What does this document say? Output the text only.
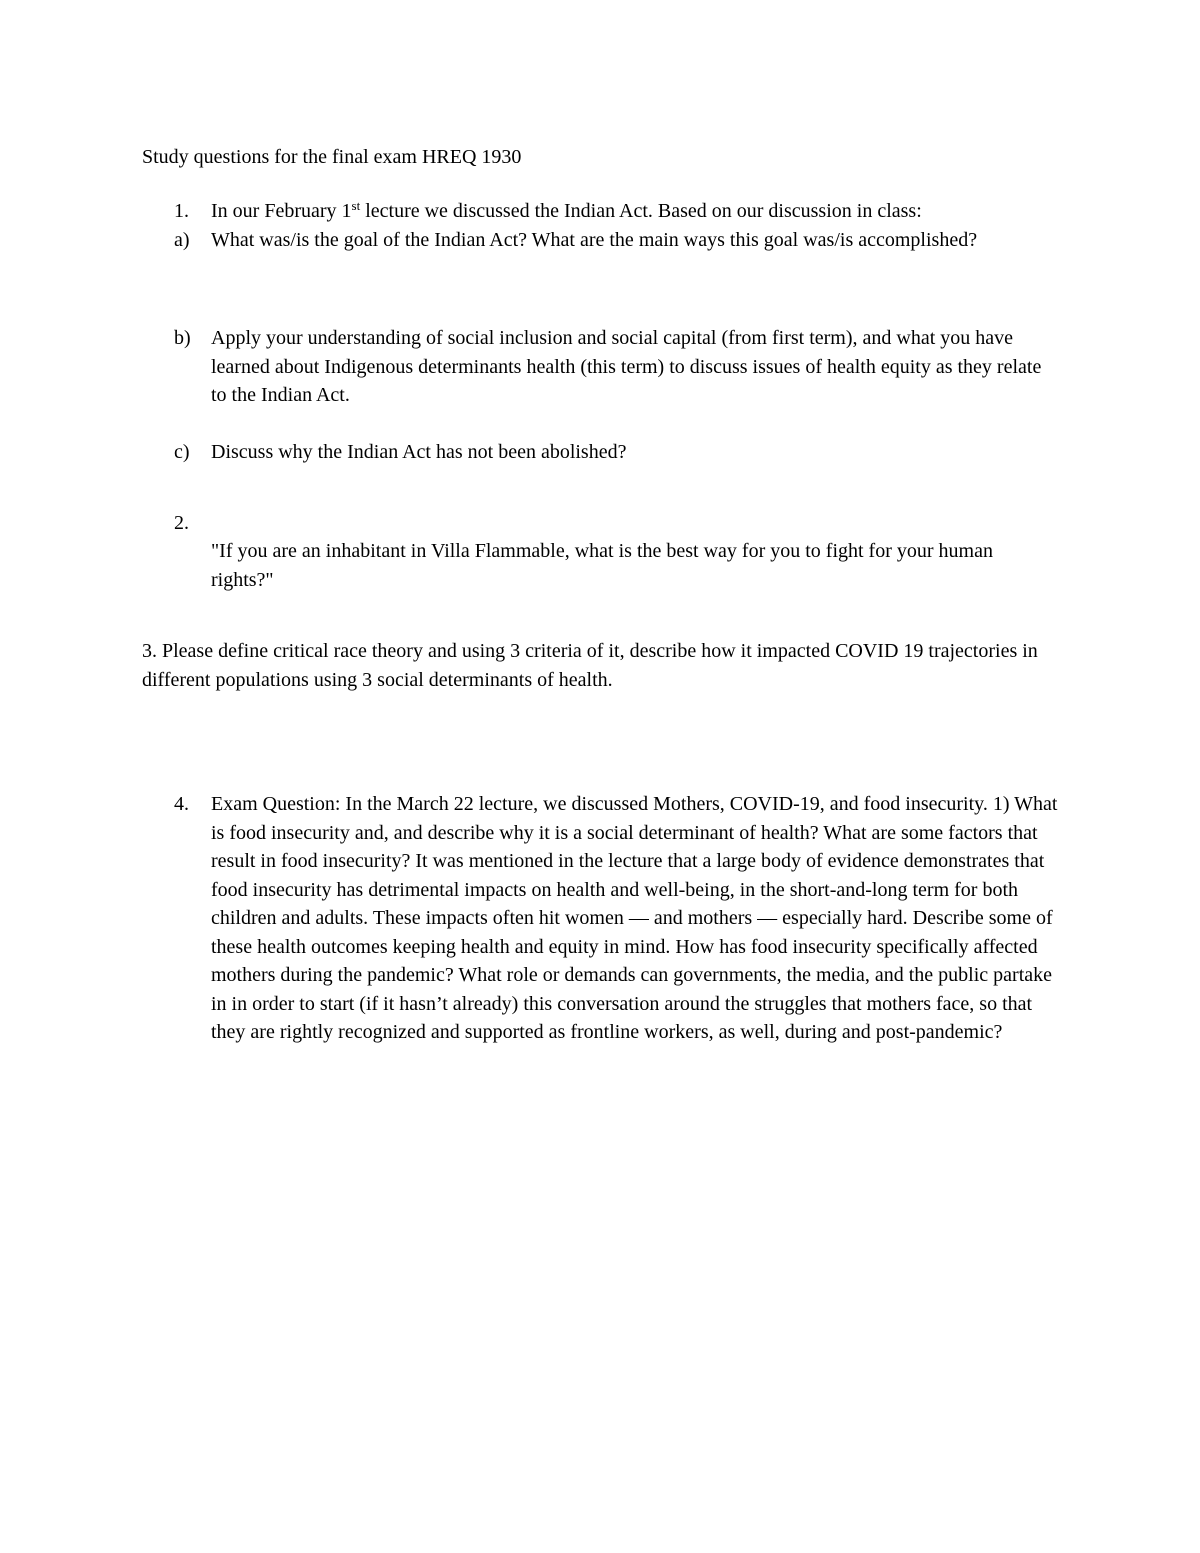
Study questions for the final exam HREQ 1930
1.	In our February 1st lecture we discussed the Indian Act. Based on our discussion in class:
a)	What was/is the goal of the Indian Act? What are the main ways this goal was/is accomplished?
b)	Apply your understanding of social inclusion and social capital (from first term), and what you have learned about Indigenous determinants health (this term) to discuss issues of health equity as they relate to the Indian Act.
c)	Discuss why the Indian Act has not been abolished?
2.
"If you are an inhabitant in Villa Flammable, what is the best way for you to fight for your human rights?"
3. Please define critical race theory and using 3 criteria of it, describe how it impacted COVID 19 trajectories in different populations using 3 social determinants of health.
4.	Exam Question: In the March 22 lecture, we discussed Mothers, COVID-19, and food insecurity. 1) What is food insecurity and, and describe why it is a social determinant of health? What are some factors that result in food insecurity? It was mentioned in the lecture that a large body of evidence demonstrates that food insecurity has detrimental impacts on health and well-being, in the short-and-long term for both children and adults. These impacts often hit women — and mothers — especially hard. Describe some of these health outcomes keeping health and equity in mind. How has food insecurity specifically affected mothers during the pandemic? What role or demands can governments, the media, and the public partake in in order to start (if it hasn’t already) this conversation around the struggles that mothers face, so that they are rightly recognized and supported as frontline workers, as well, during and post-pandemic?
